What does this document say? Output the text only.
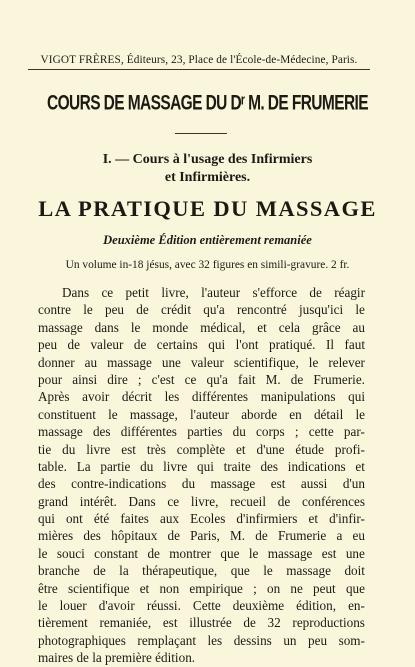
VIGOT FRÈRES, Éditeurs, 23, Place de l'École-de-Médecine, Paris.
COURS DE MASSAGE DU Dʳ M. DE FRUMERIE
I. — Cours à l'usage des Infirmiers
et Infirmières.
LA PRATIQUE DU MASSAGE
Deuxième Édition entièrement remaniée
Un volume in-18 jésus, avec 32 figures en simili-gravure. 2 fr.
Dans ce petit livre, l'auteur s'efforce de réagir
contre le peu de crédit qu'a rencontré jusqu'ici le
massage dans le monde médical, et cela grâce au
peu de valeur de certains qui l'ont pratiqué. Il faut
donner au massage une valeur scientifique, le relever
pour ainsi dire ; c'est ce qu'a fait M. de Frumerie.
Après avoir décrit les différentes manipulations qui
constituent le massage, l'auteur aborde en détail le
massage des différentes parties du corps ; cette par-
tie du livre est très complète et d'une étude profi-
table. La partie du livre qui traite des indications et
des contre-indications du massage est aussi d'un
grand intérêt. Dans ce livre, recueil de conférences
qui ont été faites aux Ecoles d'infirmiers et d'infir-
mières des hôpitaux de Paris, M. de Frumerie a eu
le souci constant de montrer que le massage est une
branche de la thérapeutique, que le massage doit
être scientifique et non empirique ; on ne peut que
le louer d'avoir réussi. Cette deuxième édition, en-
tièrement remaniée, est illustrée de 32 reproductions
photographiques remplaçant les dessins un peu som-
maires de la première édition.
